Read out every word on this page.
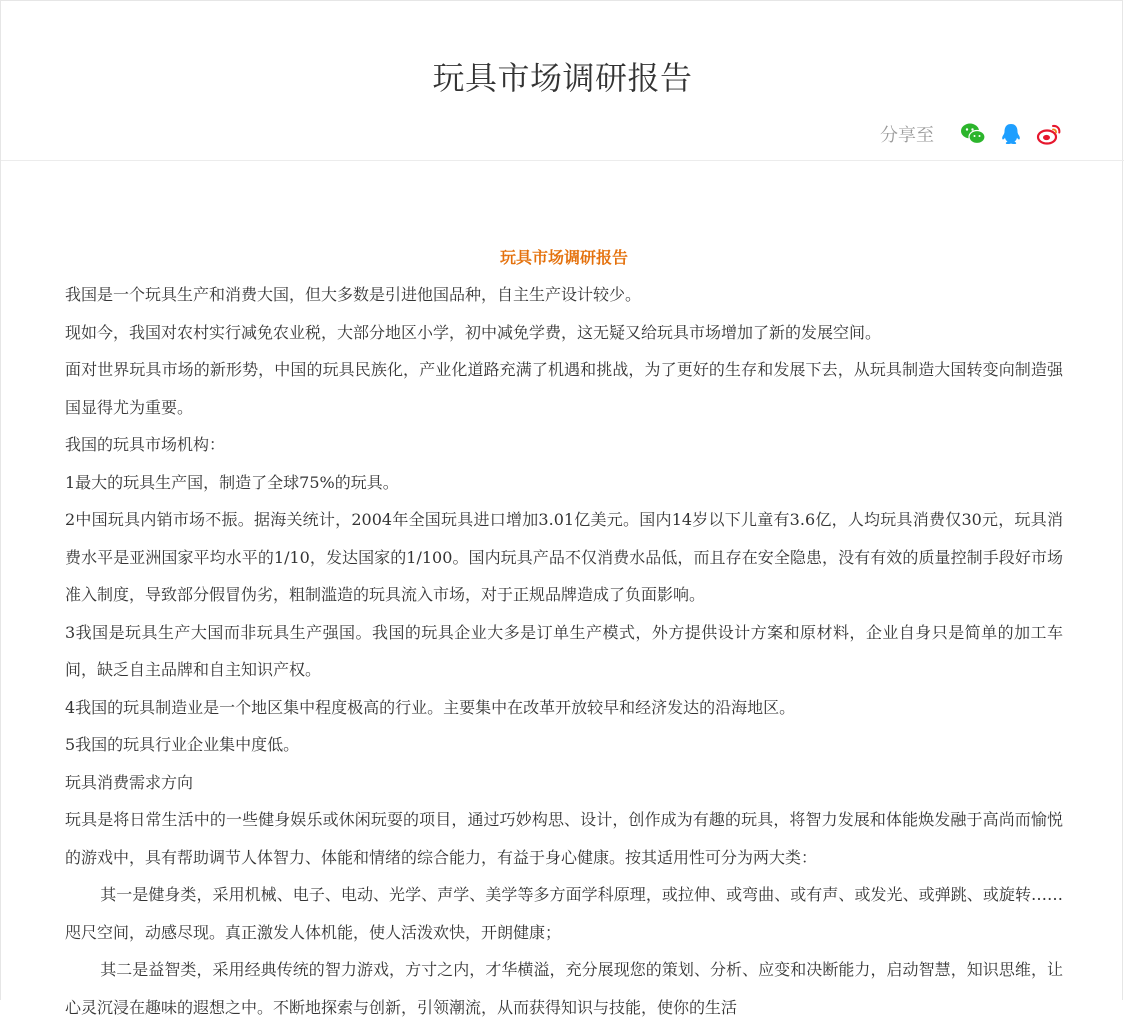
玩具市场调研报告
分享至
玩具市场调研报告

我国是一个玩具生产和消费大国，但大多数是引进他国品种，自主生产设计较少。

现如今，我国对农村实行减免农业税，大部分地区小学，初中减免学费，这无疑又给玩具市场增加了新的发展空间。

面对世界玩具市场的新形势，中国的玩具民族化，产业化道路充满了机遇和挑战，为了更好的生存和发展下去，从玩具制造大国转变向制造强国显得尤为重要。

我国的玩具市场机构：

1最大的玩具生产国，制造了全球75%的玩具。

2中国玩具内销市场不振。据海关统计，2004年全国玩具进口增加3.01亿美元。国内14岁以下儿童有3.6亿，人均玩具消费仅30元，玩具消费水平是亚洲国家平均水平的1/10，发达国家的1/100。国内玩具产品不仅消费水品低，而且存在安全隐患，没有有效的质量控制手段好市场准入制度，导致部分假冒伪劣，粗制滥造的玩具流入市场，对于正规品牌造成了负面影响。

3我国是玩具生产大国而非玩具生产强国。我国的玩具企业大多是订单生产模式，外方提供设计方案和原材料，企业自身只是简单的加工车间，缺乏自主品牌和自主知识产权。

4我国的玩具制造业是一个地区集中程度极高的行业。主要集中在改革开放较早和经济发达的沿海地区。

5我国的玩具行业企业集中度低。

玩具消费需求方向

玩具是将日常生活中的一些健身娱乐或休闲玩耍的项目，通过巧妙构思、设计，创作成为有趣的玩具，将智力发展和体能焕发融于高尚而愉悦的游戏中，具有帮助调节人体智力、体能和情绪的综合能力，有益于身心健康。按其适用性可分为两大类：

其一是健身类，采用机械、电子、电动、光学、声学、美学等多方面学科原理，或拉伸、或弯曲、或有声、或发光、或弹跳、或旋转……咫尺空间，动感尽现。真正激发人体机能，使人活泼欢快，开朗健康；

其二是益智类，采用经典传统的智力游戏，方寸之内，才华横溢，充分展现您的策划、分析、应变和决断能力，启动智慧，知识思维，让心灵沉浸在趣味的遐想之中。不断地探索与创新，引领潮流，从而获得知识与技能，使你的生活
